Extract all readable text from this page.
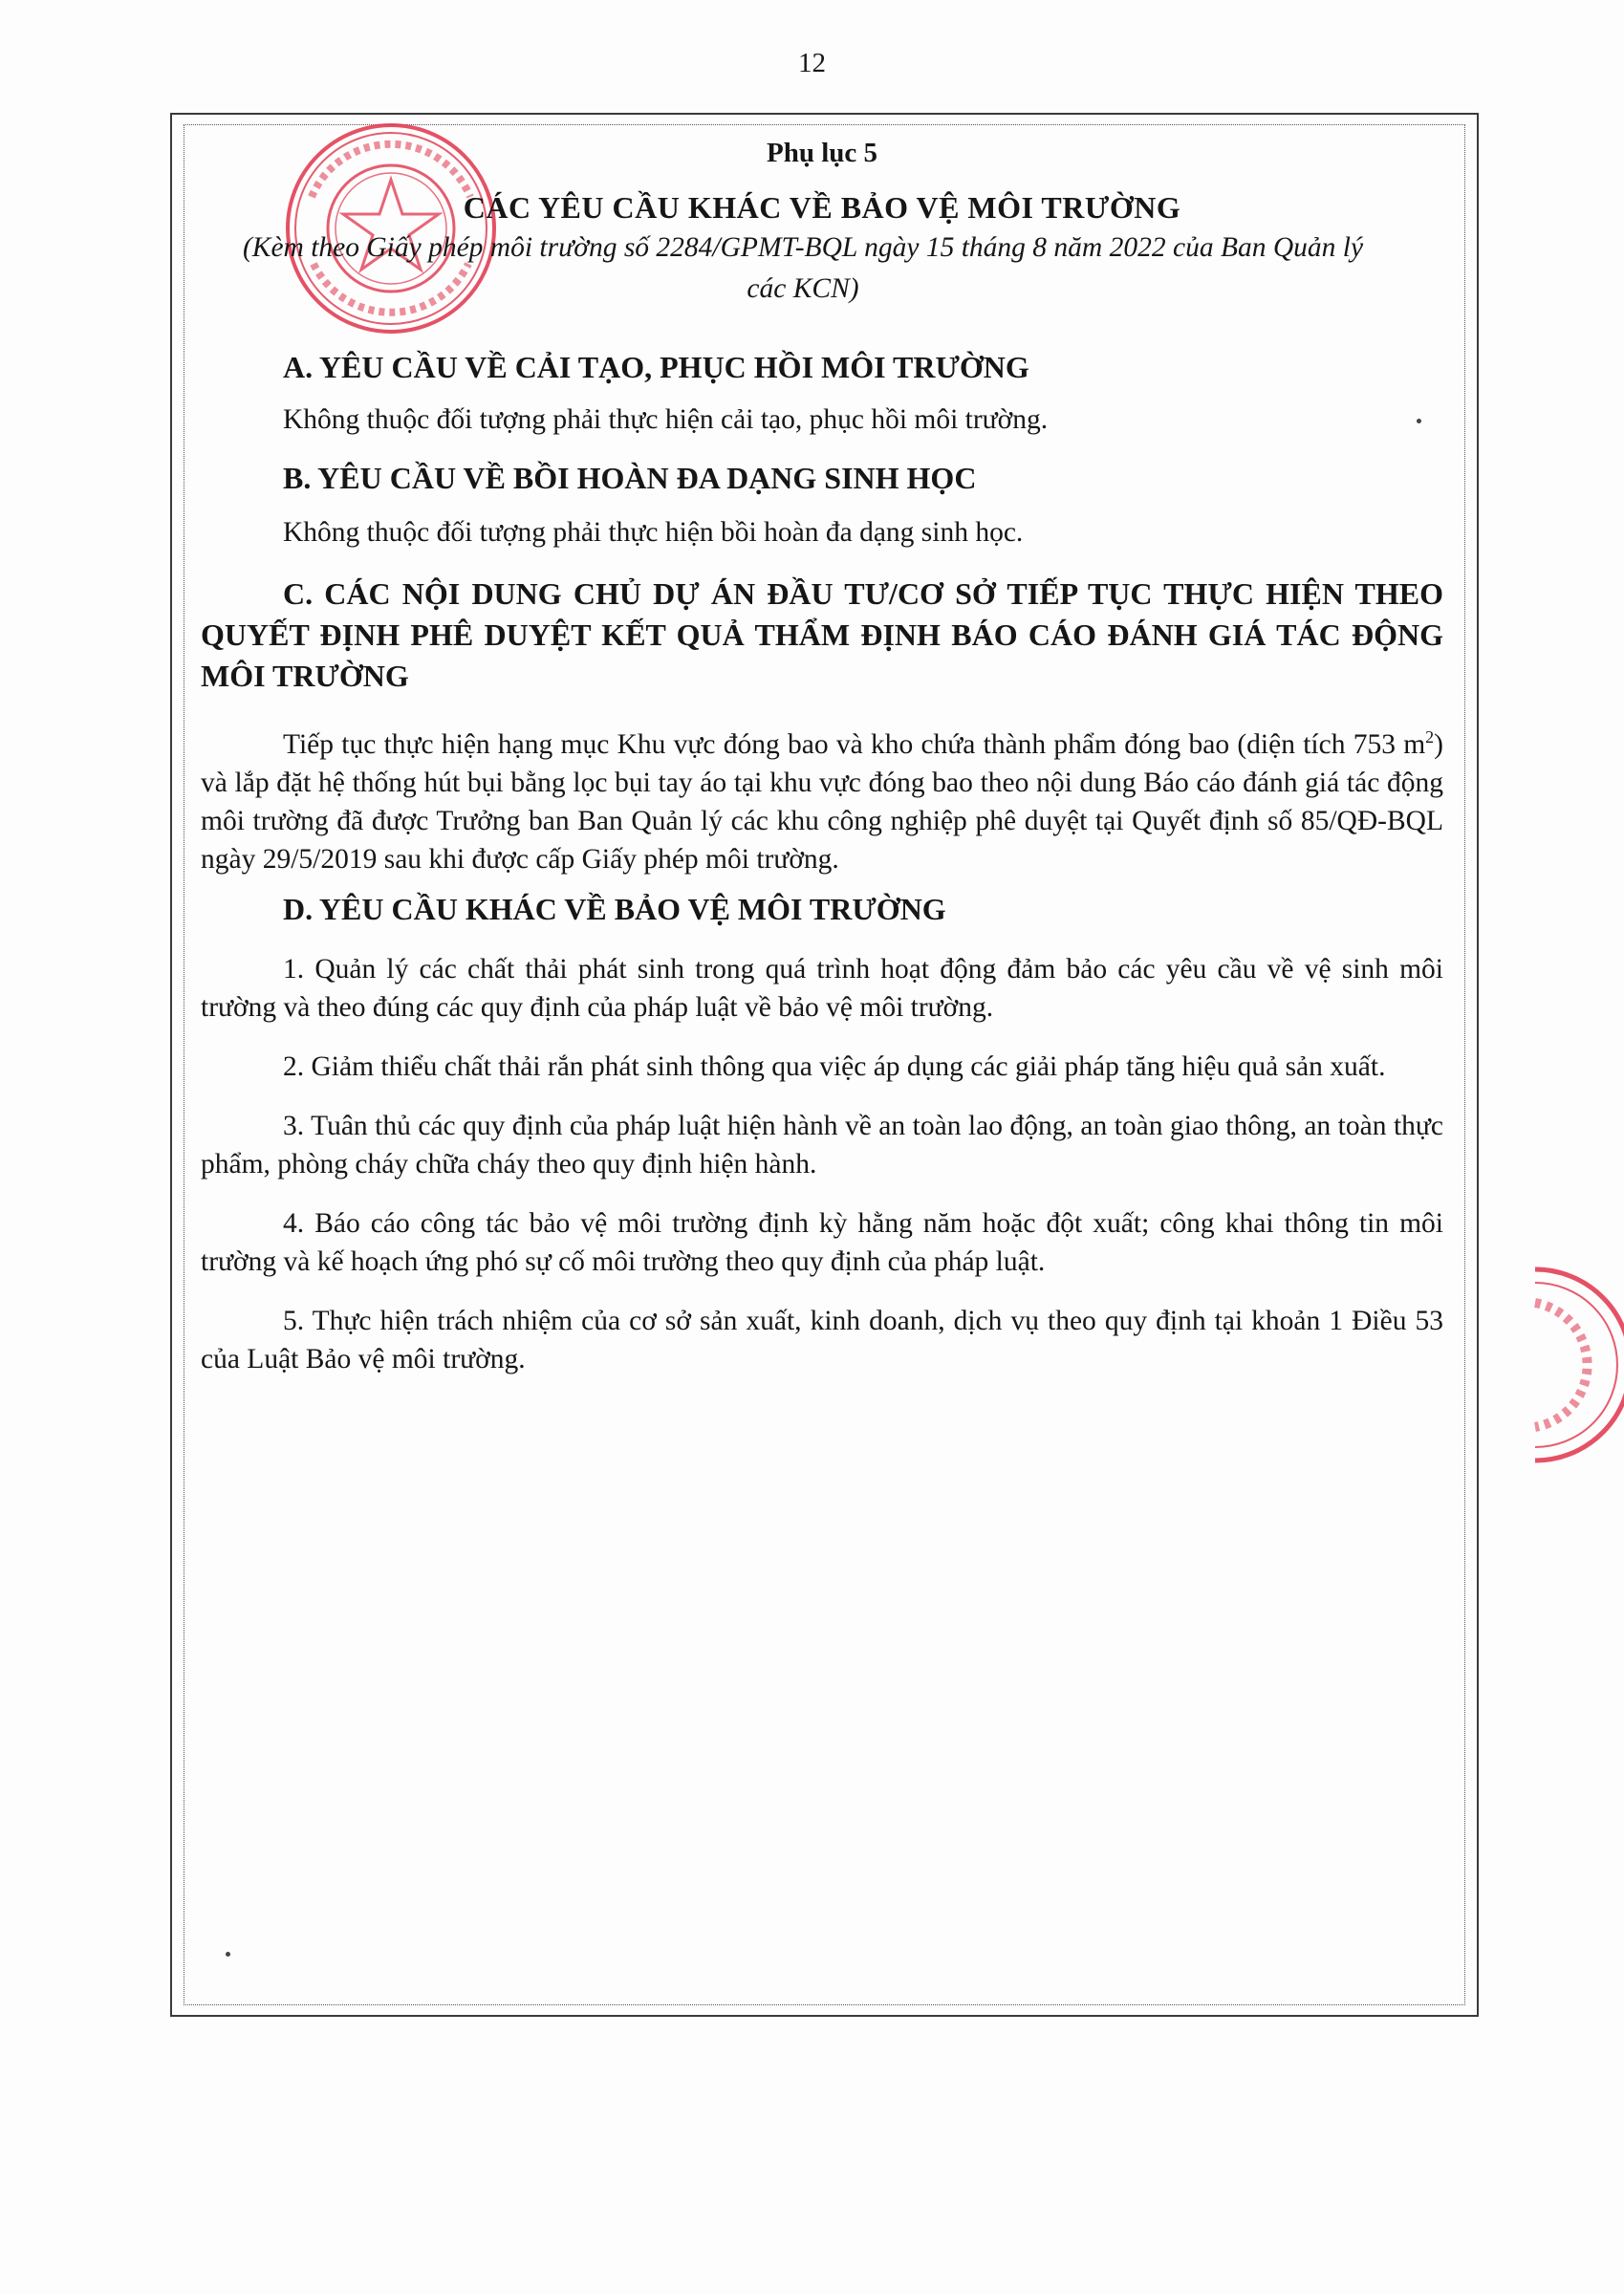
12

Phụ lục 5

CÁC YÊU CẦU KHÁC VỀ BẢO VỆ MÔI TRƯỜNG

(Kèm theo Giấy phép môi trường số 2284/GPMT-BQL ngày 15 tháng 8 năm 2022 của Ban Quản lý các KCN)

A. YÊU CẦU VỀ CẢI TẠO, PHỤC HỒI MÔI TRƯỜNG

Không thuộc đối tượng phải thực hiện cải tạo, phục hồi môi trường.

B. YÊU CẦU VỀ BỒI HOÀN ĐA DẠNG SINH HỌC

Không thuộc đối tượng phải thực hiện bồi hoàn đa dạng sinh học.

C. CÁC NỘI DUNG CHỦ DỰ ÁN ĐẦU TƯ/CƠ SỞ TIẾP TỤC THỰC HIỆN THEO QUYẾT ĐỊNH PHÊ DUYỆT KẾT QUẢ THẨM ĐỊNH BÁO CÁO ĐÁNH GIÁ TÁC ĐỘNG MÔI TRƯỜNG

Tiếp tục thực hiện hạng mục Khu vực đóng bao và kho chứa thành phẩm đóng bao (diện tích 753 $m^2$) và lắp đặt hệ thống hút bụi bằng lọc bụi tay áo tại khu vực đóng bao theo nội dung Báo cáo đánh giá tác động môi trường đã được Trưởng ban Ban Quản lý các khu công nghiệp phê duyệt tại Quyết định số 85/QĐ-BQL ngày 29/5/2019 sau khi được cấp Giấy phép môi trường.

D. YÊU CẦU KHÁC VỀ BẢO VỆ MÔI TRƯỜNG

1. Quản lý các chất thải phát sinh trong quá trình hoạt động đảm bảo các yêu cầu về vệ sinh môi trường và theo đúng các quy định của pháp luật về bảo vệ môi trường.

2. Giảm thiểu chất thải rắn phát sinh thông qua việc áp dụng các giải pháp tăng hiệu quả sản xuất.

3. Tuân thủ các quy định của pháp luật hiện hành về an toàn lao động, an toàn giao thông, an toàn thực phẩm, phòng cháy chữa cháy theo quy định hiện hành.

4. Báo cáo công tác bảo vệ môi trường định kỳ hằng năm hoặc đột xuất; công khai thông tin môi trường và kế hoạch ứng phó sự cố môi trường theo quy định của pháp luật.

5. Thực hiện trách nhiệm của cơ sở sản xuất, kinh doanh, dịch vụ theo quy định tại khoản 1 Điều 53 của Luật Bảo vệ môi trường.
